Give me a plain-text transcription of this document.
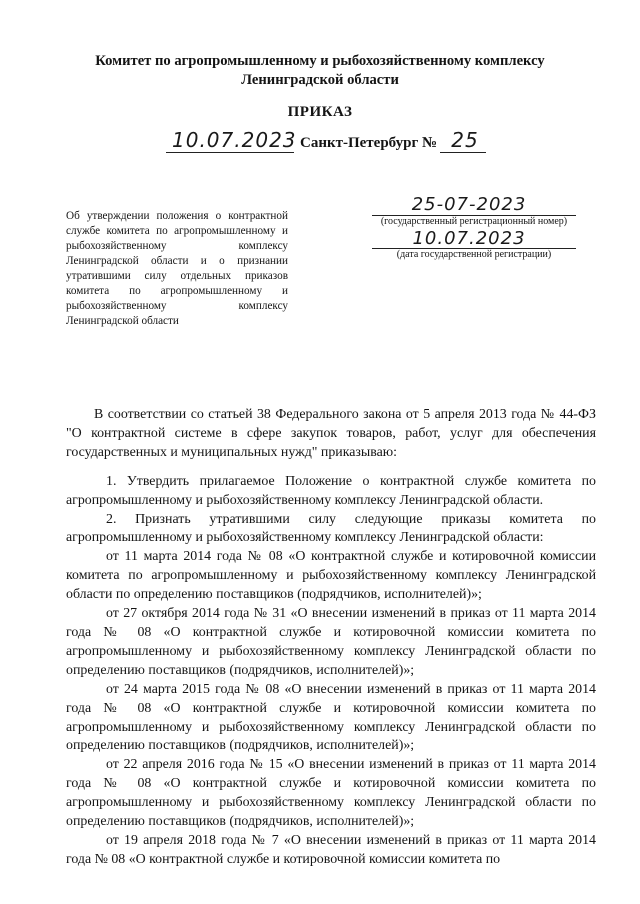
Комитет по агропромышленному и рыбохозяйственному комплексу
Ленинградской области
ПРИКАЗ
10.07.2023 Санкт-Петербург № 25
Об утверждении положения о контрактной службе комитета по агропромышленному и рыбохозяйственному комплексу Ленинградской области и о признании утратившими силу отдельных приказов комитета по агропромышленному и рыбохозяйственному комплексу Ленинградской области
25-07-2023
(государственный регистрационный номер)
10.07.2023
(дата государственной регистрации)

В соответствии со статьей 38 Федерального закона от 5 апреля 2013 года № 44-ФЗ "О контрактной системе в сфере закупок товаров, работ, услуг для обеспечения государственных и муниципальных нужд" приказываю:

1. Утвердить прилагаемое Положение о контрактной службе комитета по агропромышленному и рыбохозяйственному комплексу Ленинградской области.

2. Признать утратившими силу следующие приказы комитета по агропромышленному и рыбохозяйственному комплексу Ленинградской области:

от 11 марта 2014 года № 08 «О контрактной службе и котировочной комиссии комитета по агропромышленному и рыбохозяйственному комплексу Ленинградской области по определению поставщиков (подрядчиков, исполнителей)»;

от 27 октября 2014 года № 31 «О внесении изменений в приказ от 11 марта 2014 года № 08 «О контрактной службе и котировочной комиссии комитета по агропромышленному и рыбохозяйственному комплексу Ленинградской области по определению поставщиков (подрядчиков, исполнителей)»;

от 24 марта 2015 года № 08 «О внесении изменений в приказ от 11 марта 2014 года № 08 «О контрактной службе и котировочной комиссии комитета по агропромышленному и рыбохозяйственному комплексу Ленинградской области по определению поставщиков (подрядчиков, исполнителей)»;

от 22 апреля 2016 года № 15 «О внесении изменений в приказ от 11 марта 2014 года № 08 «О контрактной службе и котировочной комиссии комитета по агропромышленному и рыбохозяйственному комплексу Ленинградской области по определению поставщиков (подрядчиков, исполнителей)»;

от 19 апреля 2018 года № 7 «О внесении изменений в приказ от 11 марта 2014 года № 08 «О контрактной службе и котировочной комиссии комитета по
